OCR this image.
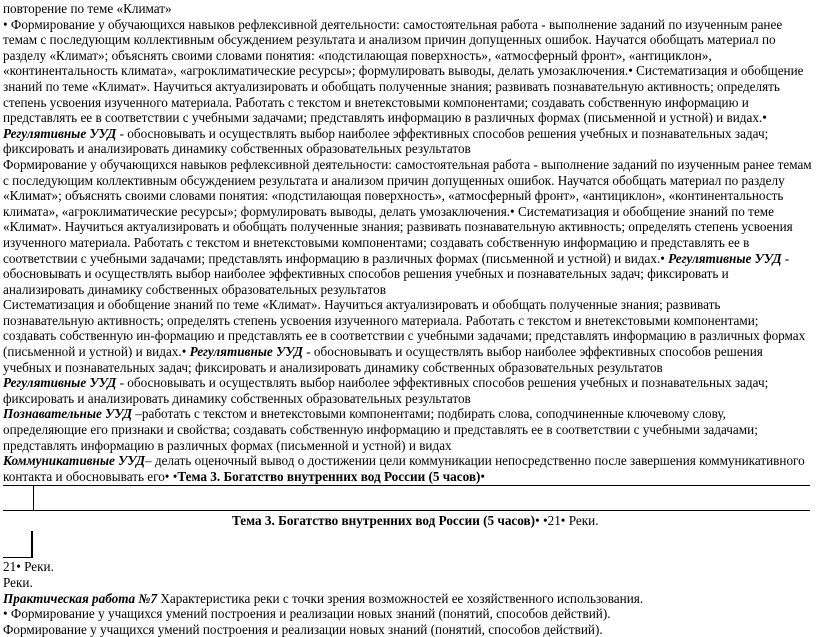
повторение по теме «Климат»

• Формирование у обучающихся навыков рефлексивной деятельности: самостоятельная работа - выполнение заданий по изученным ранее темам с последующим коллективным обсуждением результата и анализом причин допущенных ошибок. Научатся обобщать материал по разделу «Климат»; объяснять своими словами понятия: «подстилающая поверхность», «атмосферный фронт», «антициклон», «континентальность климата», «агроклиматические ресурсы»; формулировать выводы, делать умозаключения.• Систематизация и обобщение знаний по теме «Климат». Научиться актуализировать и обобщать полученные знания; развивать познавательную активность; определять степень усвоения изученного материала. Работать с текстом и внетекстовыми компонентами; создавать собственную информацию и представлять ее в соответствии с учебными задачами; представлять информацию в различных формах (письменной и устной) и видах.• Регулятивные УУД - обосновывать и осуществлять выбор наиболее эффективных способов решения учебных и познавательных задач; фиксировать и анализировать динамику собственных образовательных результатов

Формирование у обучающихся навыков рефлексивной деятельности: самостоятельная работа - выполнение заданий по изученным ранее темам с последующим коллективным обсуждением результата и анализом причин допущенных ошибок. Научатся обобщать материал по разделу «Климат»; объяснять своими словами понятия: «подстилающая поверхность», «атмосферный фронт», «антициклон», «континентальность климата», «агроклиматические ресурсы»; формулировать выводы, делать умозаключения.• Систематизация и обобщение знаний по теме «Климат». Научиться актуализировать и обобщать полученные знания; развивать познавательную активность; определять степень усвоения изученного материала. Работать с текстом и внетекстовыми компонентами; создавать собственную информацию и представлять ее в соответствии с учебными задачами; представлять информацию в различных формах (письменной и устной) и видах.• Регулятивные УУД - обосновывать и осуществлять выбор наиболее эффективных способов решения учебных и познавательных задач; фиксировать и анализировать динамику собственных образовательных результатов

Систематизация и обобщение знаний по теме «Климат». Научиться актуализировать и обобщать полученные знания; развивать познавательную активность; определять степень усвоения изученного материала. Работать с текстом и внетекстовыми компонентами; создавать собственную ин-формацию и представлять ее в соответствии с учебными задачами; представлять информацию в различных формах (письменной и устной) и видах.• Регулятивные УУД - обосновывать и осуществлять выбор наиболее эффективных способов решения учебных и познавательных задач; фиксировать и анализировать динамику собственных образовательных результатов

Регулятивные УУД - обосновывать и осуществлять выбор наиболее эффективных способов решения учебных и познавательных задач; фиксировать и анализировать динамику собственных образовательных результатов

Познавательные УУД –работать с текстом и внетекстовыми компонентами; подбирать слова, соподчиненные ключевому слову, определяющие его признаки и свойства; создавать собственную информацию и представлять ее в соответствии с учебными задачами; представлять информацию в различных формах (письменной и устной) и видах

Коммуникативные УУД– делать оценочный вывод о достижении цели коммуникации непосредственно после завершения коммуникативного контакта и обосновывать его• •Тема 3. Богатство внутренних вод России (5 часов)•

Тема 3. Богатство внутренних вод России (5 часов)• •21• Реки.

21• Реки.

Реки.

Практическая работа №7 Характеристика реки с точки зрения возможностей ее хозяйственного использования.

• Формирование у учащихся умений построения и реализации новых знаний (понятий, способов действий).

Формирование у учащихся умений построения и реализации новых знаний (понятий, способов действий).
